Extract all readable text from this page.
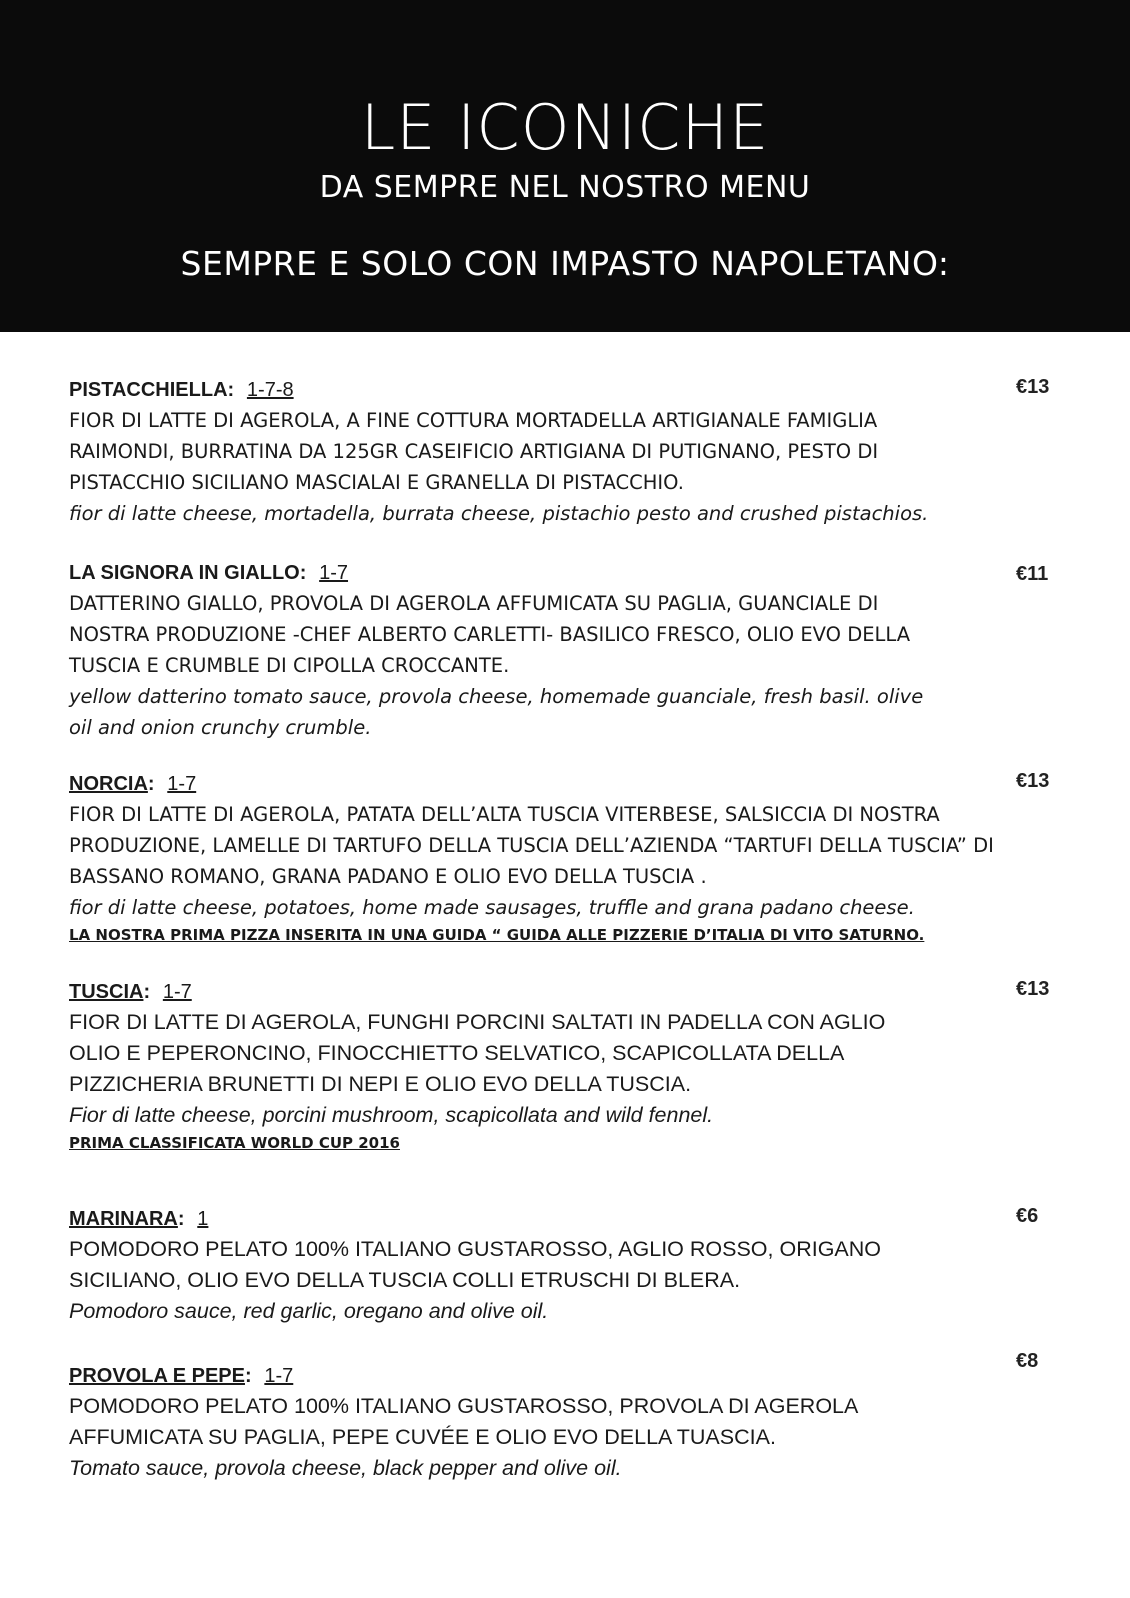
LE ICONICHE
DA SEMPRE NEL NOSTRO MENU
SEMPRE E SOLO CON IMPASTO NAPOLETANO:
PISTACCHIELLA: 1-7-8
FIOR DI LATTE DI AGEROLA, A FINE COTTURA MORTADELLA ARTIGIANALE FAMIGLIA
RAIMONDI, BURRATINA DA 125GR CASEIFICIO ARTIGIANA DI PUTIGNANO, PESTO DI
PISTACCHIO SICILIANO MASCIALAI E GRANELLA DI PISTACCHIO.
fior di latte cheese, mortadella, burrata cheese, pistachio pesto and crushed pistachios.
€13
LA SIGNORA IN GIALLO: 1-7
DATTERINO GIALLO, PROVOLA DI AGEROLA AFFUMICATA SU PAGLIA, GUANCIALE DI
NOSTRA PRODUZIONE -CHEF ALBERTO CARLETTI- BASILICO FRESCO, OLIO EVO DELLA
TUSCIA E CRUMBLE DI CIPOLLA CROCCANTE.
yellow datterino tomato sauce, provola cheese, homemade guanciale, fresh basil. olive
oil and onion crunchy crumble.
€11
NORCIA: 1-7
FIOR DI LATTE DI AGEROLA, PATATA DELL’ALTA TUSCIA VITERBESE, SALSICCIA DI NOSTRA
PRODUZIONE, LAMELLE DI TARTUFO DELLA TUSCIA DELL’AZIENDA “TARTUFI DELLA TUSCIA” DI
BASSANO ROMANO, GRANA PADANO E OLIO EVO DELLA TUSCIA .
fior di latte cheese, potatoes, home made sausages, truffle and grana padano cheese.
LA NOSTRA PRIMA PIZZA INSERITA IN UNA GUIDA “ GUIDA ALLE PIZZERIE D’ITALIA DI VITO SATURNO.
€13
TUSCIA: 1-7
FIOR DI LATTE DI AGEROLA, FUNGHI PORCINI SALTATI IN PADELLA CON AGLIO
OLIO E PEPERONCINO, FINOCCHIETTO SELVATICO, SCAPICOLLATA DELLA
PIZZICHERIA BRUNETTI DI NEPI E OLIO EVO DELLA TUSCIA.
Fior di latte cheese, porcini mushroom, scapicollata and wild fennel.
PRIMA CLASSIFICATA WORLD CUP 2016
€13
MARINARA: 1
POMODORO PELATO 100% ITALIANO GUSTAROSSO, AGLIO ROSSO, ORIGANO
SICILIANO, OLIO EVO DELLA TUSCIA COLLI ETRUSCHI DI BLERA.
Pomodoro sauce, red garlic, oregano and olive oil.
€6
PROVOLA E PEPE: 1-7
POMODORO PELATO 100% ITALIANO GUSTAROSSO, PROVOLA DI AGEROLA
AFFUMICATA SU PAGLIA, PEPE CUVÉE E OLIO EVO DELLA TUASCIA.
Tomato sauce, provola cheese, black pepper and olive oil.
€8
